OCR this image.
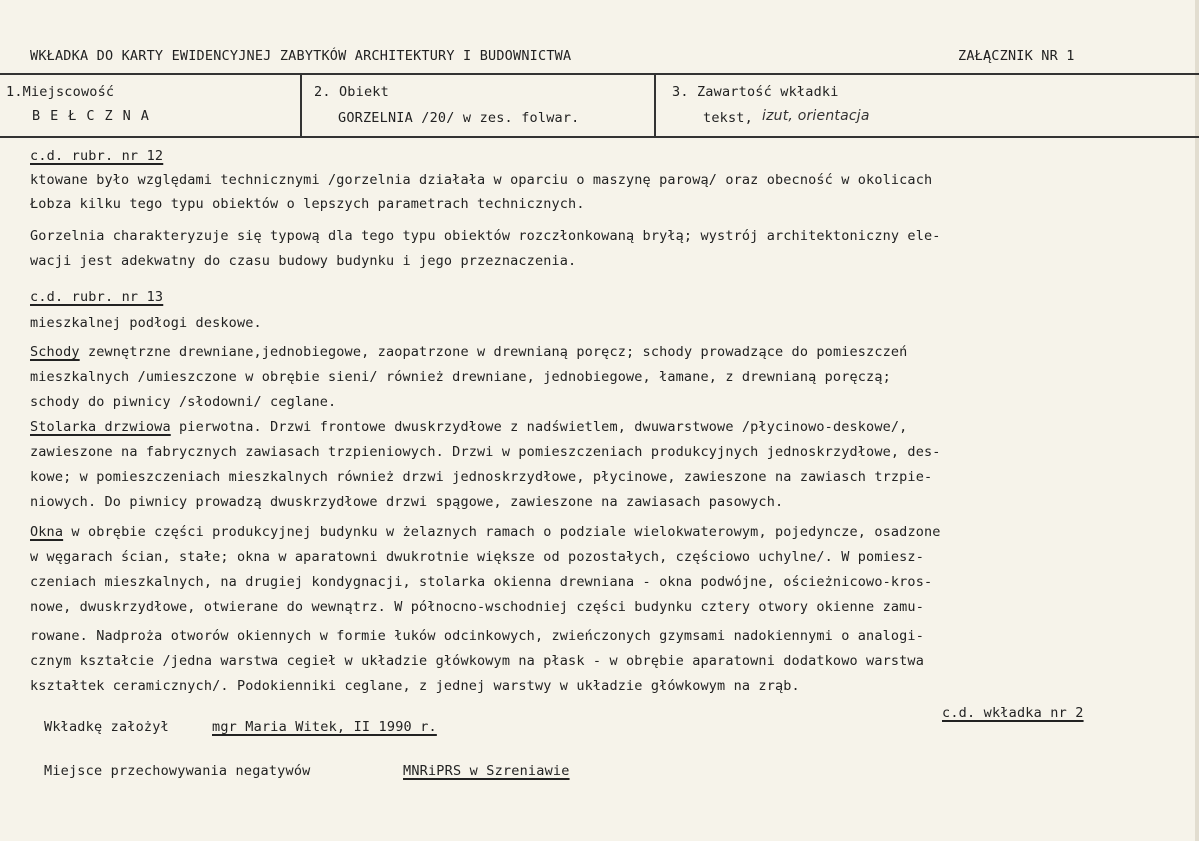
WKŁADKA DO KARTY EWIDENCYJNEJ ZABYTKÓW ARCHITEKTURY I BUDOWNICTWA	ZAŁĄCZNIK NR 1
1.Miejscowość
BEŁCZNA
2. Obiekt
GORZELNIA /20/ w zes. folwar.
3. Zawartość wkładki
tekst, izut, orientacja
c.d. rubr. nr 12
ktowane było względami technicznymi /gorzelnia działała w oparciu o maszynę parową/ oraz obecność w okolicach
Łobza kilku tego typu obiektów o lepszych parametrach technicznych.
Gorzelnia charakteryzuje się typową dla tego typu obiektów rozczłonkowaną bryłą; wystrój architektoniczny ele-
wacji jest adekwatny do czasu budowy budynku i jego przeznaczenia.
c.d. rubr. nr 13
mieszkalnej podłogi deskowe.
Schody zewnętrzne drewniane,jednobiegowe, zaopatrzone w drewnianą poręcz; schody prowadzące do pomieszczeń
mieszkalnych /umieszczone w obrębie sieni/ również drewniane, jednobiegowe, łamane, z drewnianą poręczą;
schody do piwnicy /słodowni/ ceglane.
Stolarka drzwiowa pierwotna. Drzwi frontowe dwuskrzydłowe z nadświetlem, dwuwarstwowe /płycinowo-deskowe/,
zawieszone na fabrycznych zawiasach trzpieniowych. Drzwi w pomieszczeniach produkcyjnych jednoskrzydłowe, des-
kowe; w pomieszczeniach mieszkalnych również drzwi jednoskrzydłowe, płycinowe, zawieszone na zawiasch trzpie-
niowych. Do piwnicy prowadzą dwuskrzydłowe drzwi spągowe, zawieszone na zawiasach pasowych.
Okna w obrębie części produkcyjnej budynku w żelaznych ramach o podziale wielokwaterowym, pojedyncze, osadzone
w węgarach ścian, stałe; okna w aparatowni dwukrotnie większe od pozostałych, częściowo uchylne/. W pomiesz-
czeniach mieszkalnych, na drugiej kondygnacji, stolarka okienna drewniana - okna podwójne, ościeżnicowo-kros-
nowe, dwuskrzydłowe, otwierane do wewnątrz. W północno-wschodniej części budynku cztery otwory okienne zamu-
rowane. Nadproża otworów okiennych w formie łuków odcinkowych, zwieńczonych gzymsami nadokiennymi o analogi-
cznym kształcie /jedna warstwa cegieł w układzie główkowym na płask - w obrębie aparatowni dodatkowo warstwa
kształtek ceramicznych/. Podokienniki ceglane, z jednej warstwy w układzie główkowym na zrąb.
c.d. wkładka nr 2
Wkładkę założył	mgr Maria Witek, II 1990 r.
Miejsce przechowywania negatywów	MNRiPRS w Szreniawie
